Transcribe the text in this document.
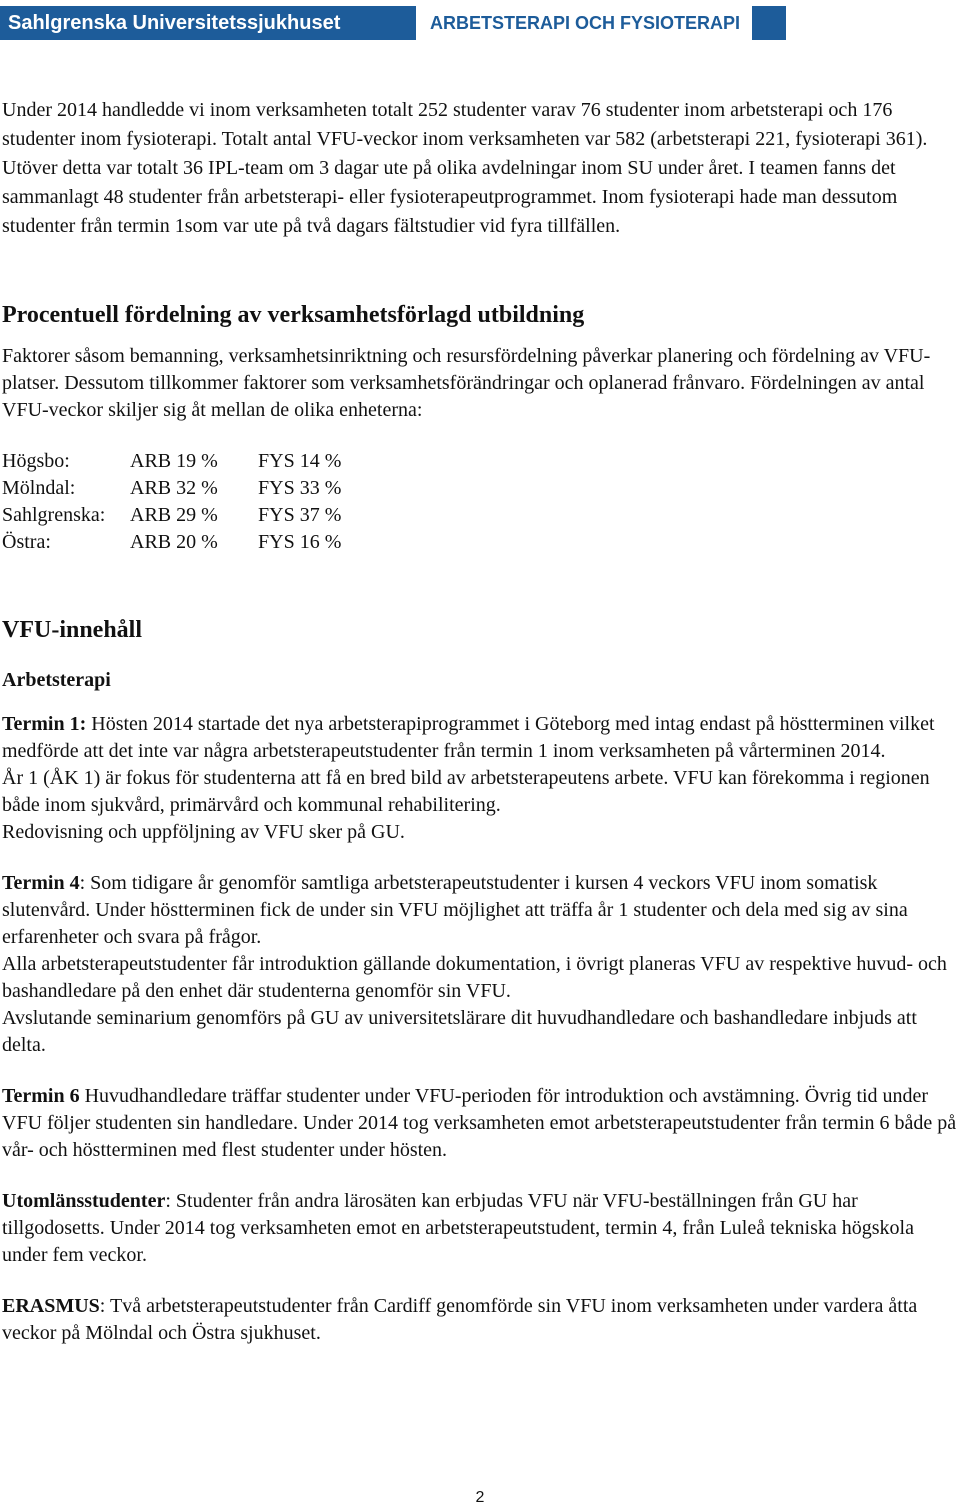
Sahlgrenska Universitetssjukhuset	ARBETSTERAPI OCH FYSIOTERAPI

Under 2014 handledde vi inom verksamheten totalt 252 studenter varav 76 studenter inom arbetsterapi och 176 studenter inom fysioterapi. Totalt antal VFU-veckor inom verksamheten var 582 (arbetsterapi 221, fysioterapi 361). Utöver detta var totalt 36 IPL-team om 3 dagar ute på olika avdelningar inom SU under året. I teamen fanns det sammanlagt 48 studenter från arbetsterapi- eller fysioterapeutprogrammet. Inom fysioterapi hade man dessutom studenter från termin 1som var ute på två dagars fältstudier vid fyra tillfällen.

Procentuell fördelning av verksamhetsförlagd utbildning

Faktorer såsom bemanning, verksamhetsinriktning och resursfördelning påverkar planering och fördelning av VFU-platser. Dessutom tillkommer faktorer som verksamhetsförändringar och oplanerad frånvaro. Fördelningen av antal VFU-veckor skiljer sig åt mellan de olika enheterna:

Högsbo:	ARB 19 %	FYS 14 %
Mölndal:	ARB 32 %	FYS 33 %
Sahlgrenska:	ARB 29 %	FYS 37 %
Östra:	ARB 20 %	FYS 16 %
VFU-innehåll
Arbetsterapi

Termin 1: Hösten 2014 startade det nya arbetsterapiprogrammet i Göteborg med intag endast på höstterminen vilket medförde att det inte var några arbetsterapeutstudenter från termin 1 inom verksamheten på vårterminen 2014.

År 1 (ÅK 1) är fokus för studenterna att få en bred bild av arbetsterapeutens arbete. VFU kan förekomma i regionen både inom sjukvård, primärvård och kommunal rehabilitering.

Redovisning och uppföljning av VFU sker på GU.

Termin 4: Som tidigare år genomför samtliga arbetsterapeutstudenter i kursen 4 veckors VFU inom somatisk slutenvård. Under höstterminen fick de under sin VFU möjlighet att träffa år 1 studenter och dela med sig av sina erfarenheter och svara på frågor.

Alla arbetsterapeutstudenter får introduktion gällande dokumentation, i övrigt planeras VFU av respektive huvud- och bashandledare på den enhet där studenterna genomför sin VFU.

Avslutande seminarium genomförs på GU av universitetslärare dit huvudhandledare och bashandledare inbjuds att delta.

Termin 6 Huvudhandledare träffar studenter under VFU-perioden för introduktion och avstämning. Övrig tid under VFU följer studenten sin handledare. Under 2014 tog verksamheten emot arbetsterapeutstudenter från termin 6 både på vår- och höstterminen med flest studenter under hösten.

Utomlänsstudenter: Studenter från andra lärosäten kan erbjudas VFU när VFU-beställningen från GU har tillgodosetts. Under 2014 tog verksamheten emot en arbetsterapeutstudent, termin 4, från Luleå tekniska högskola under fem veckor.

ERASMUS: Två arbetsterapeutstudenter från Cardiff genomförde sin VFU inom verksamheten under vardera åtta veckor på Mölndal och Östra sjukhuset.

2
